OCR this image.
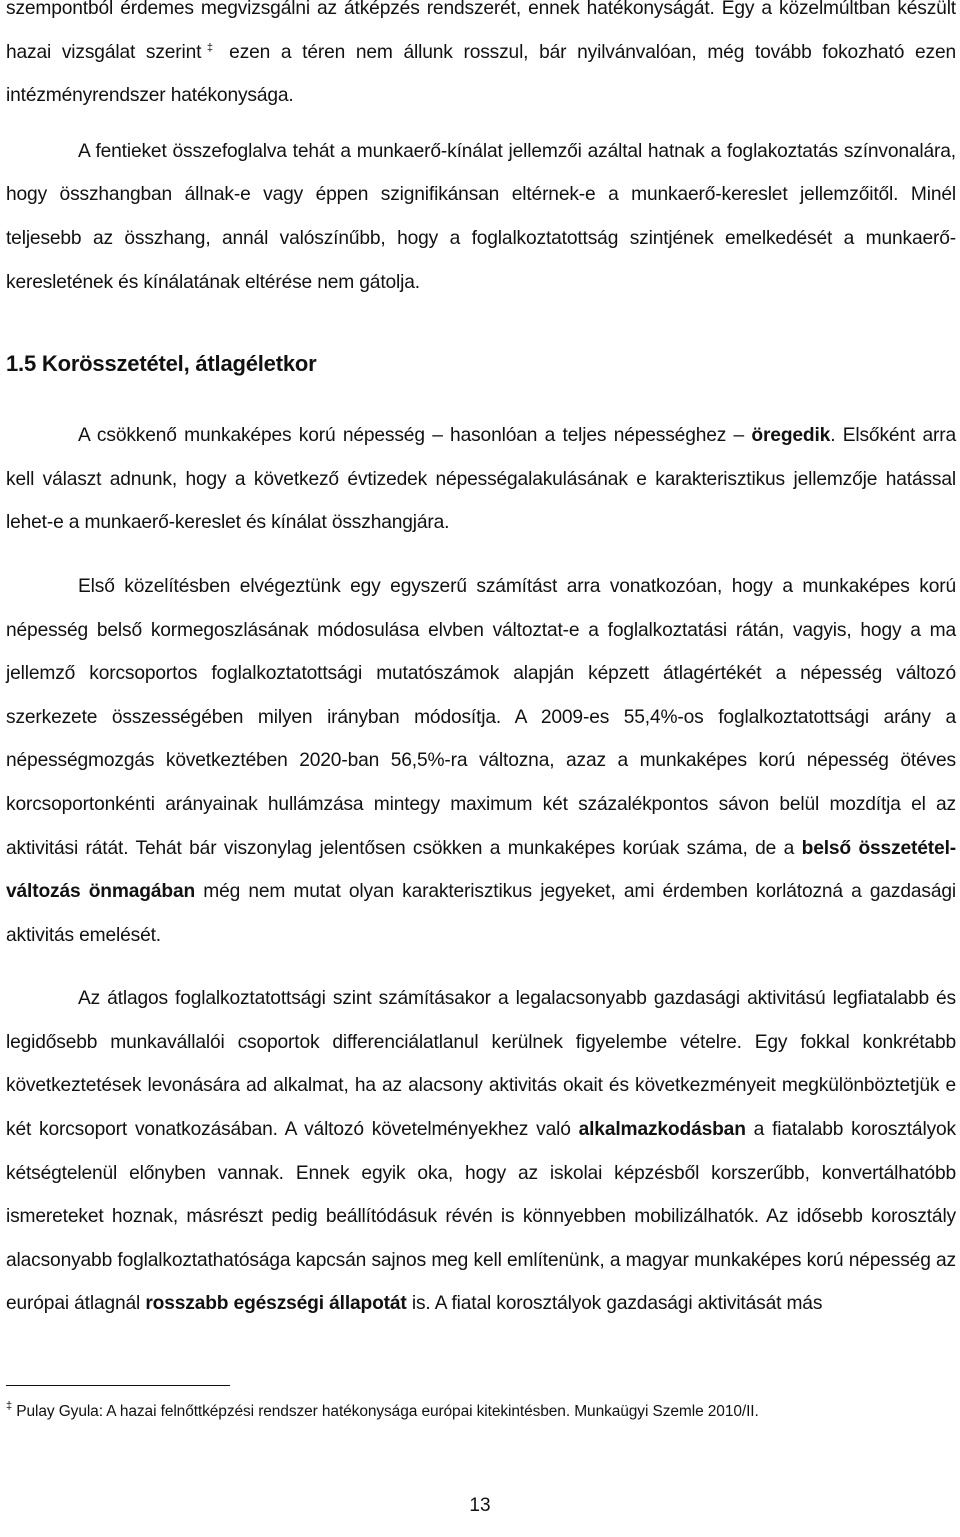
szempontból érdemes megvizsgálni az átképzés rendszerét, ennek hatékonyságát. Egy a közelmúltban készült hazai vizsgálat szerint‡ ezen a téren nem állunk rosszul, bár nyilvánvalóan, még tovább fokozható ezen intézményrendszer hatékonysága.

A fentieket összefoglalva tehát a munkaerő-kínálat jellemzői azáltal hatnak a foglakoztatás színvonalára, hogy összhangban állnak-e vagy éppen szignifikánsan eltérnek-e a munkaerő-kereslet jellemzőitől. Minél teljesebb az összhang, annál valószínűbb, hogy a foglalkoztatottság szintjének emelkedését a munkaerő-keresletének és kínálatának eltérése nem gátolja.

1.5 Korösszetétel, átlagéletkor

A csökkenő munkaképes korú népesség – hasonlóan a teljes népességhez – öregedik. Elsőként arra kell választ adnunk, hogy a következő évtizedek népességalakulásának e karakterisztikus jellemzője hatással lehet-e a munkaerő-kereslet és kínálat összhangjára.

Első közelítésben elvégeztünk egy egyszerű számítást arra vonatkozóan, hogy a munkaképes korú népesség belső kormegoszlásának módosulása elvben változtat-e a foglalkoztatási rátán, vagyis, hogy a ma jellemző korcsoportos foglalkoztatottsági mutatószámok alapján képzett átlagértékét a népesség változó szerkezete összességében milyen irányban módosítja. A 2009-es 55,4%-os foglalkoztatottsági arány a népességmozgás következtében 2020-ban 56,5%-ra változna, azaz a munkaképes korú népesség ötéves korcsoportonkénti arányainak hullámzása mintegy maximum két százalékpontos sávon belül mozdítja el az aktivitási rátát. Tehát bár viszonylag jelentősen csökken a munkaképes korúak száma, de a belső összetétel-változás önmagában még nem mutat olyan karakterisztikus jegyeket, ami érdemben korlátozná a gazdasági aktivitás emelését.

Az átlagos foglalkoztatottsági szint számításakor a legalacsonyabb gazdasági aktivitású legfiatalabb és legidősebb munkavállalói csoportok differenciálatlanul kerülnek figyelembe vételre. Egy fokkal konkrétabb következtetések levonására ad alkalmat, ha az alacsony aktivitás okait és következményeit megkülönböztetjük e két korcsoport vonatkozásában. A változó követelményekhez való alkalmazkodásban a fiatalabb korosztályok kétségtelenül előnyben vannak. Ennek egyik oka, hogy az iskolai képzésből korszerűbb, konvertálhatóbb ismereteket hoznak, másrészt pedig beállítódásuk révén is könnyebben mobilizálhatók. Az idősebb korosztály alacsonyabb foglalkoztathatósága kapcsán sajnos meg kell említenünk, a magyar munkaképes korú népesség az európai átlagnál rosszabb egészségi állapotát is. A fiatal korosztályok gazdasági aktivitását más

‡ Pulay Gyula: A hazai felnőttképzési rendszer hatékonysága európai kitekintésben. Munkaügyi Szemle 2010/II.
13
